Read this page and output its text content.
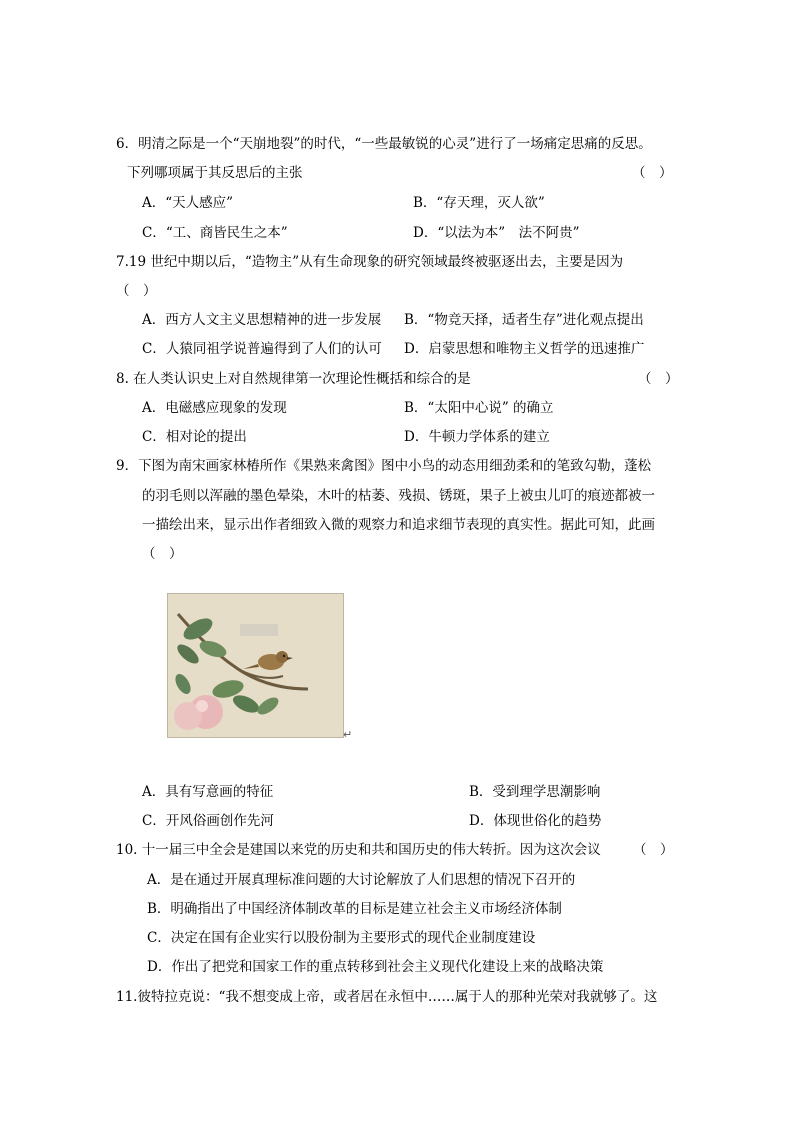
6．明清之际是一个“天崩地裂”的时代，“一些最敏锐的心灵”进行了一场痛定思痛的反思。
下列哪项属于其反思后的主张	（　）
A．“天人感应”	B．“存天理，灭人欲”
C．“工、商皆民生之本”	D．“以法为本”　法不阿贵”
7.19 世纪中期以后，“造物主”从有生命现象的研究领域最终被驱逐出去，主要是因为
（　）
A．西方人文主义思想精神的进一步发展 B．“物竞天择，适者生存”进化观点提出
C．人猿同祖学说普遍得到了人们的认可 D．启蒙思想和唯物主义哲学的迅速推广
8. 在人类认识史上对自然规律第一次理论性概括和综合的是	（　）
A．电磁感应现象的发现	B．“太阳中心说” 的确立
C．相对论的提出	D．牛顿力学体系的建立
9．下图为南宋画家林椿所作《果熟来禽图》图中小鸟的动态用细劲柔和的笔致勾勒，蓬松
的羽毛则以浑融的墨色晕染，木叶的枯萎、残损、锈斑，果子上被虫儿叮的痕迹都被一
一描绘出来，显示出作者细致入微的观察力和追求细节表现的真实性。据此可知，此画
（　）
↵
A．具有写意画的特征	B．受到理学思潮影响
C．开风俗画创作先河	D．体现世俗化的趋势
10. 十一届三中全会是建国以来党的历史和共和国历史的伟大转折。因为这次会议 （　）
A．是在通过开展真理标准问题的大讨论解放了人们思想的情况下召开的
B．明确指出了中国经济体制改革的目标是建立社会主义市场经济体制
C．决定在国有企业实行以股份制为主要形式的现代企业制度建设
D．作出了把党和国家工作的重点转移到社会主义现代化建设上来的战略决策
11.彼特拉克说：“我不想变成上帝，或者居在永恒中……属于人的那种光荣对我就够了。这
